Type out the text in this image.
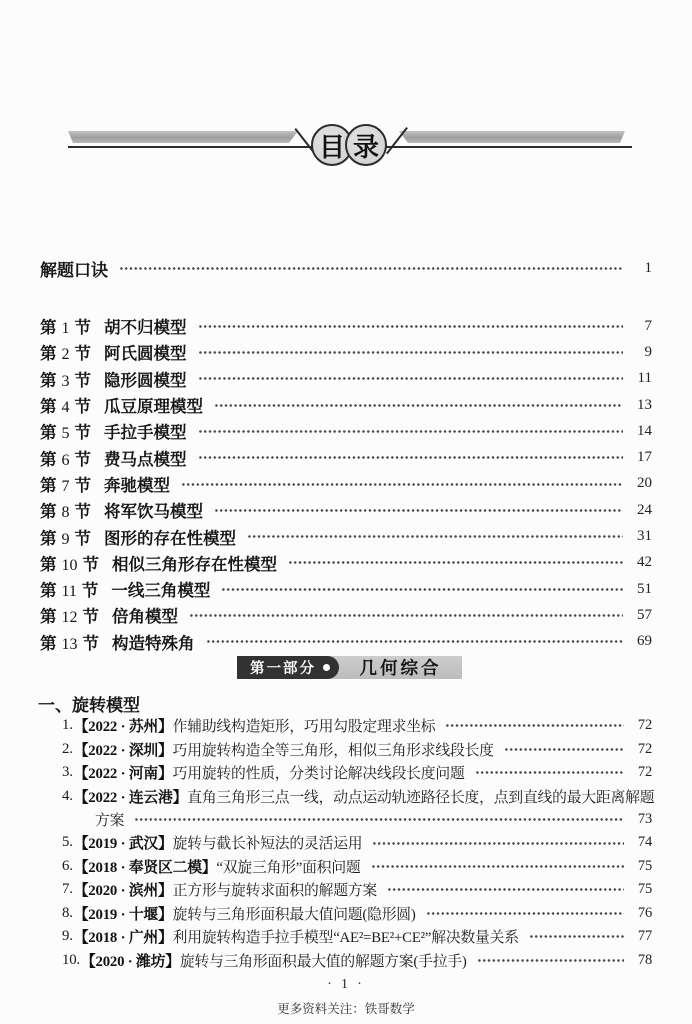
目 录
解题口诀	1
第 1 节 胡不归模型	7
第 2 节 阿氏圆模型	9
第 3 节 隐形圆模型	11
第 4 节 瓜豆原理模型	13
第 5 节 手拉手模型	14
第 6 节 费马点模型	17
第 7 节 奔驰模型	20
第 8 节 将军饮马模型	24
第 9 节 图形的存在性模型	31
第 10 节 相似三角形存在性模型	42
第 11 节 一线三角模型	51
第 12 节 倍角模型	57
第 13 节 构造特殊角	69
第一部分	几何综合
一、旋转模型
1. 【2022 · 苏州】 作辅助线构造矩形，巧用勾股定理求坐标	72
2. 【2022 · 深圳】 巧用旋转构造全等三角形，相似三角形求线段长度	72
3. 【2022 · 河南】 巧用旋转的性质，分类讨论解决线段长度问题	72
4. 【2022 · 连云港】 直角三角形三点一线，动点运动轨迹路径长度，点到直线的最大距离解题
方案	73
5. 【2019 · 武汉】 旋转与截长补短法的灵活运用	74
6. 【2018 · 奉贤区二模】 “双旋三角形”面积问题	75
7. 【2020 · 滨州】 正方形与旋转求面积的解题方案	75
8. 【2019 · 十堰】 旋转与三角形面积最大值问题(隐形圆)	76
9. 【2018 · 广州】 利用旋转构造手拉手模型“AE²=BE²+CE²”解决数量关系	77
10. 【2020 · 潍坊】 旋转与三角形面积最大值的解题方案(手拉手)	78
· 1 ·
更多资料关注：铁哥数学
